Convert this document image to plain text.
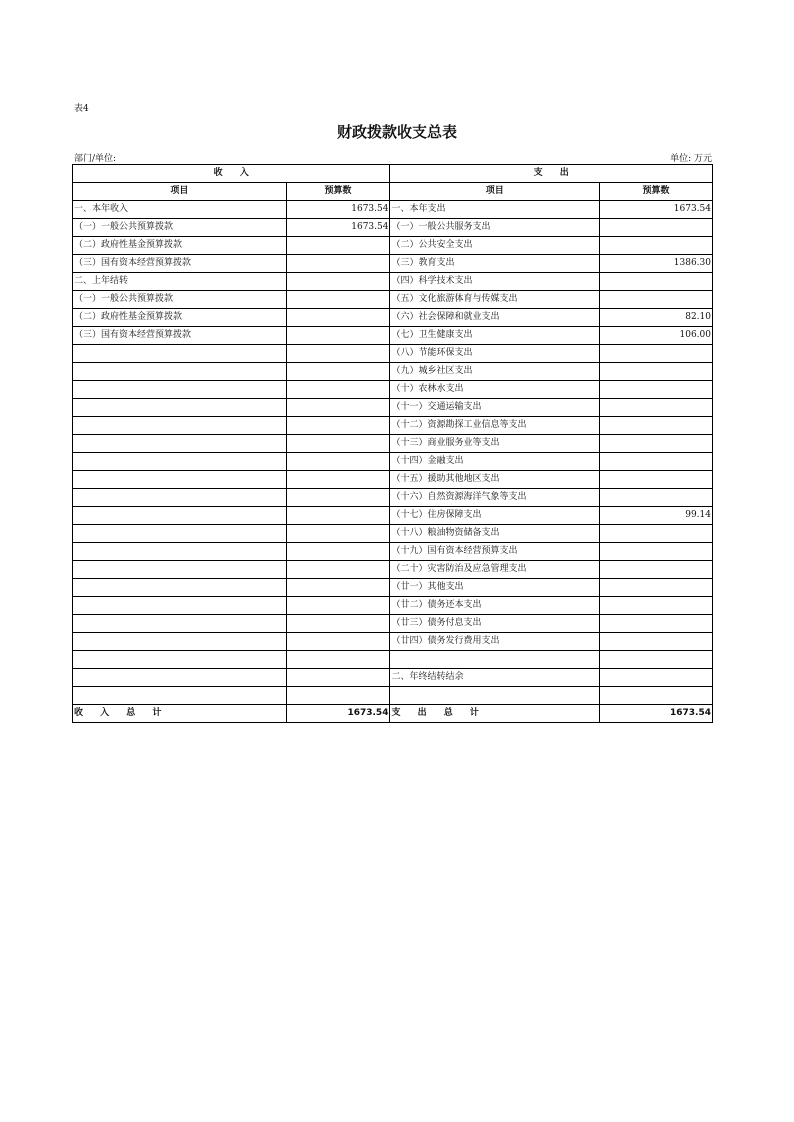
表4
财政拨款收支总表
部门/单位:	单位: 万元
收 入		支 出	
项目	预算数	项目	预算数
一、本年收入	1673.54	一、本年支出	1673.54
（一）一般公共预算拨款	1673.54	（一）一般公共服务支出	
（二）政府性基金预算拨款		（二）公共安全支出	
（三）国有资本经营预算拨款		（三）教育支出	1386.30
二、上年结转		（四）科学技术支出	
（一）一般公共预算拨款		（五）文化旅游体育与传媒支出	
（二）政府性基金预算拨款		（六）社会保障和就业支出	82.10
（三）国有资本经营预算拨款		（七）卫生健康支出	106.00
		（八）节能环保支出	
		（九）城乡社区支出	
		（十）农林水支出	
		（十一）交通运输支出	
		（十二）资源勘探工业信息等支出	
		（十三）商业服务业等支出	
		（十四）金融支出	
		（十五）援助其他地区支出	
		（十六）自然资源海洋气象等支出	
		（十七）住房保障支出	99.14
		（十八）粮油物资储备支出	
		（十九）国有资本经营预算支出	
		（二十）灾害防治及应急管理支出	
		（廿一）其他支出	
		（廿二）债务还本支出	
		（廿三）债务付息支出	
		（廿四）债务发行费用支出	

		二、年终结转结余	

收 入 总 计	1673.54	支 出 总 计	1673.54
